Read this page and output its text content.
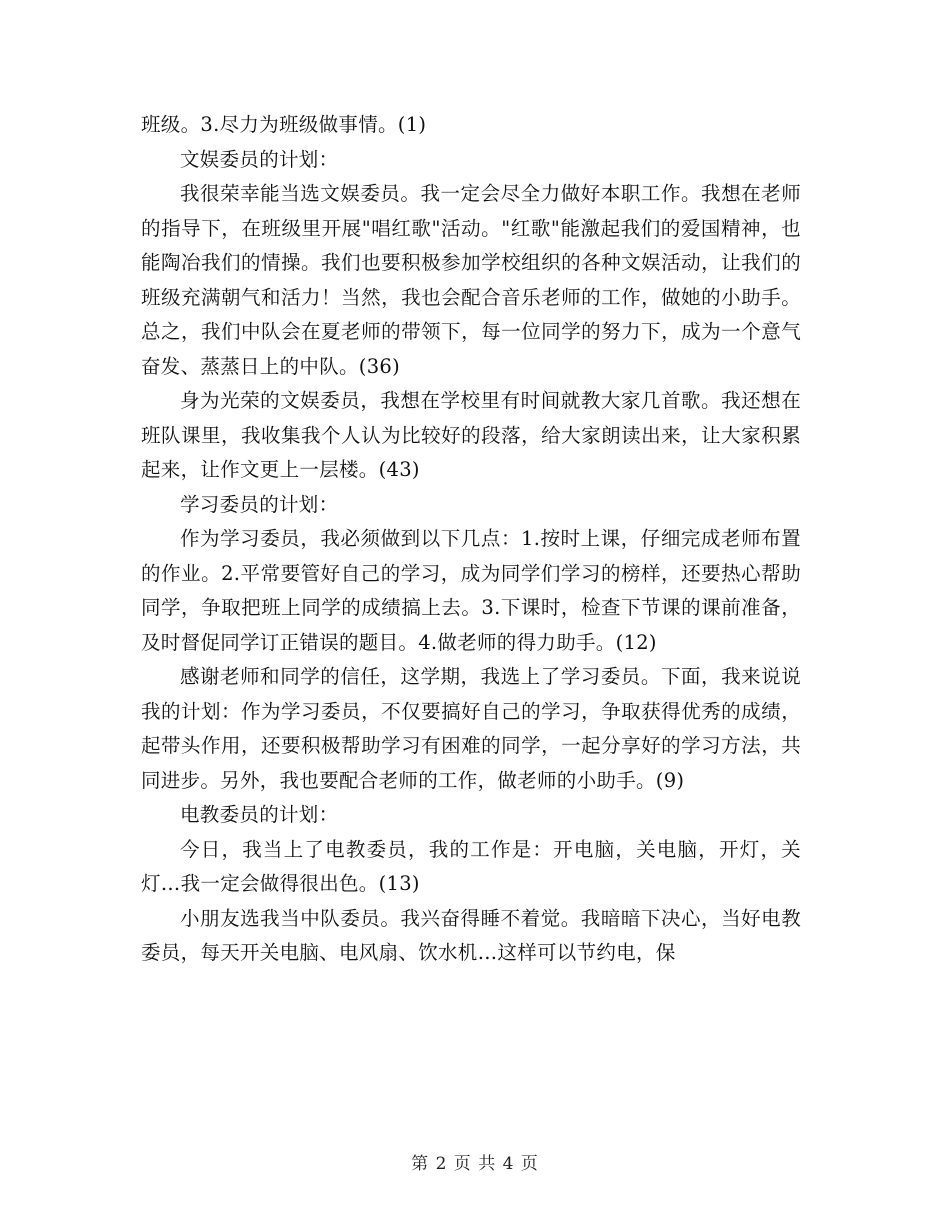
班级。3.尽力为班级做事情。(1)

文娱委员的计划：

我很荣幸能当选文娱委员。我一定会尽全力做好本职工作。我想在老师的指导下，在班级里开展"唱红歌"活动。"红歌"能激起我们的爱国精神，也能陶冶我们的情操。我们也要积极参加学校组织的各种文娱活动，让我们的班级充满朝气和活力！当然，我也会配合音乐老师的工作，做她的小助手。总之，我们中队会在夏老师的带领下，每一位同学的努力下，成为一个意气奋发、蒸蒸日上的中队。(36)

身为光荣的文娱委员，我想在学校里有时间就教大家几首歌。我还想在班队课里，我收集我个人认为比较好的段落，给大家朗读出来，让大家积累起来，让作文更上一层楼。(43)

学习委员的计划：

作为学习委员，我必须做到以下几点：1.按时上课，仔细完成老师布置的作业。2.平常要管好自己的学习，成为同学们学习的榜样，还要热心帮助同学，争取把班上同学的成绩搞上去。3.下课时，检查下节课的课前准备，及时督促同学订正错误的题目。4.做老师的得力助手。(12)

感谢老师和同学的信任，这学期，我选上了学习委员。下面，我来说说我的计划：作为学习委员，不仅要搞好自己的学习，争取获得优秀的成绩，起带头作用，还要积极帮助学习有困难的同学，一起分享好的学习方法，共同进步。另外，我也要配合老师的工作，做老师的小助手。(9)

电教委员的计划：

今日，我当上了电教委员，我的工作是：开电脑，关电脑，开灯，关灯…我一定会做得很出色。(13)

小朋友选我当中队委员。我兴奋得睡不着觉。我暗暗下决心，当好电教委员，每天开关电脑、电风扇、饮水机…这样可以节约电，保

第 2 页 共 4 页
